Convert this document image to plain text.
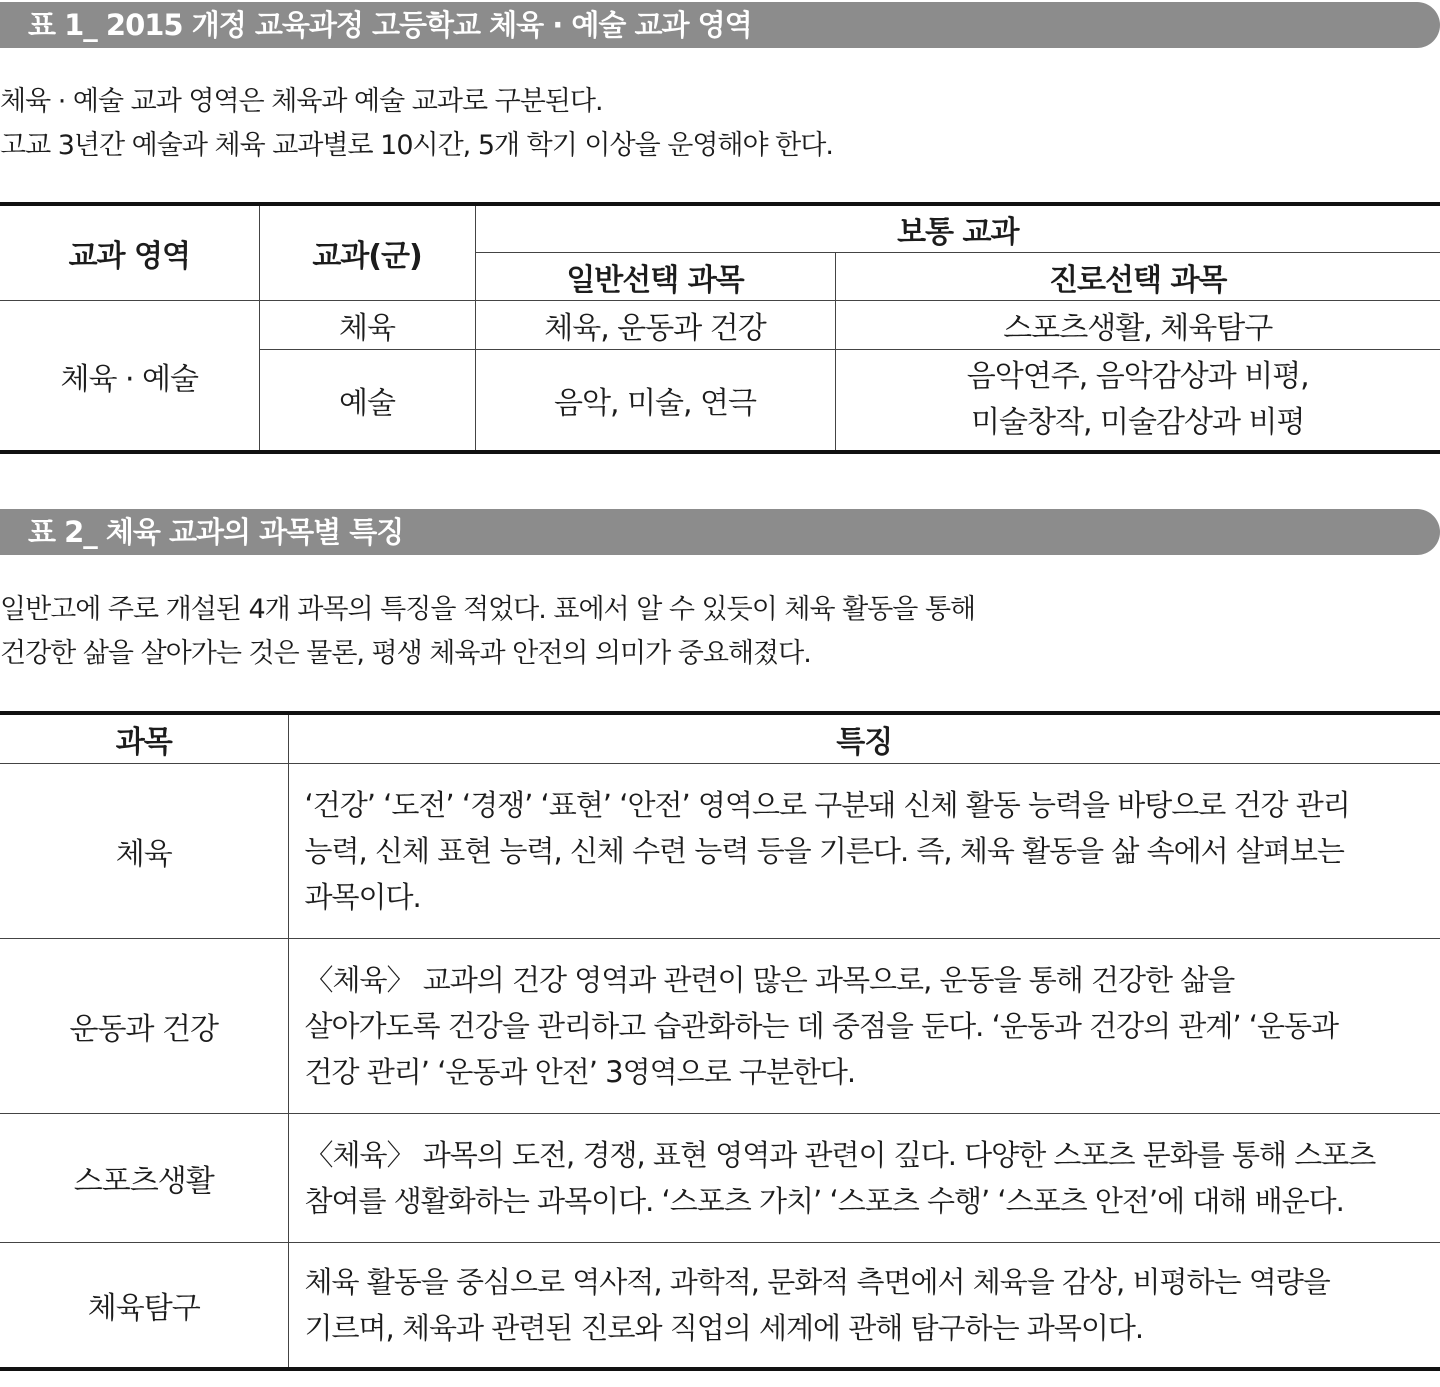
표 1_ 2015 개정 교육과정 고등학교 체육 · 예술 교과 영역
체육 · 예술 교과 영역은 체육과 예술 교과로 구분된다.
고교 3년간 예술과 체육 교과별로 10시간, 5개 학기 이상을 운영해야 한다.
교과 영역	교과(군)	보통 교과	
		일반선택 과목	진로선택 과목
체육 · 예술	체육	체육, 운동과 건강	스포츠생활, 체육탐구
	예술	음악, 미술, 연극	음악연주, 음악감상과 비평,
미술창작, 미술감상과 비평
표 2_ 체육 교과의 과목별 특징
일반고에 주로 개설된 4개 과목의 특징을 적었다. 표에서 알 수 있듯이 체육 활동을 통해
건강한 삶을 살아가는 것은 물론, 평생 체육과 안전의 의미가 중요해졌다.
과목	특징
체육	‘건강’ ‘도전’ ‘경쟁’ ‘표현’ ‘안전’ 영역으로 구분돼 신체 활동 능력을 바탕으로 건강 관리
능력, 신체 표현 능력, 신체 수련 능력 등을 기른다. 즉, 체육 활동을 삶 속에서 살펴보는
과목이다.

운동과 건강	〈체육〉 교과의 건강 영역과 관련이 많은 과목으로, 운동을 통해 건강한 삶을
살아가도록 건강을 관리하고 습관화하는 데 중점을 둔다. ‘운동과 건강의 관계’ ‘운동과
건강 관리’ ‘운동과 안전’ 3영역으로 구분한다.

스포츠생활	〈체육〉 과목의 도전, 경쟁, 표현 영역과 관련이 깊다. 다양한 스포츠 문화를 통해 스포츠
참여를 생활화하는 과목이다. ‘스포츠 가치’ ‘스포츠 수행’ ‘스포츠 안전’에 대해 배운다.

체육탐구	체육 활동을 중심으로 역사적, 과학적, 문화적 측면에서 체육을 감상, 비평하는 역량을
기르며, 체육과 관련된 진로와 직업의 세계에 관해 탐구하는 과목이다.
